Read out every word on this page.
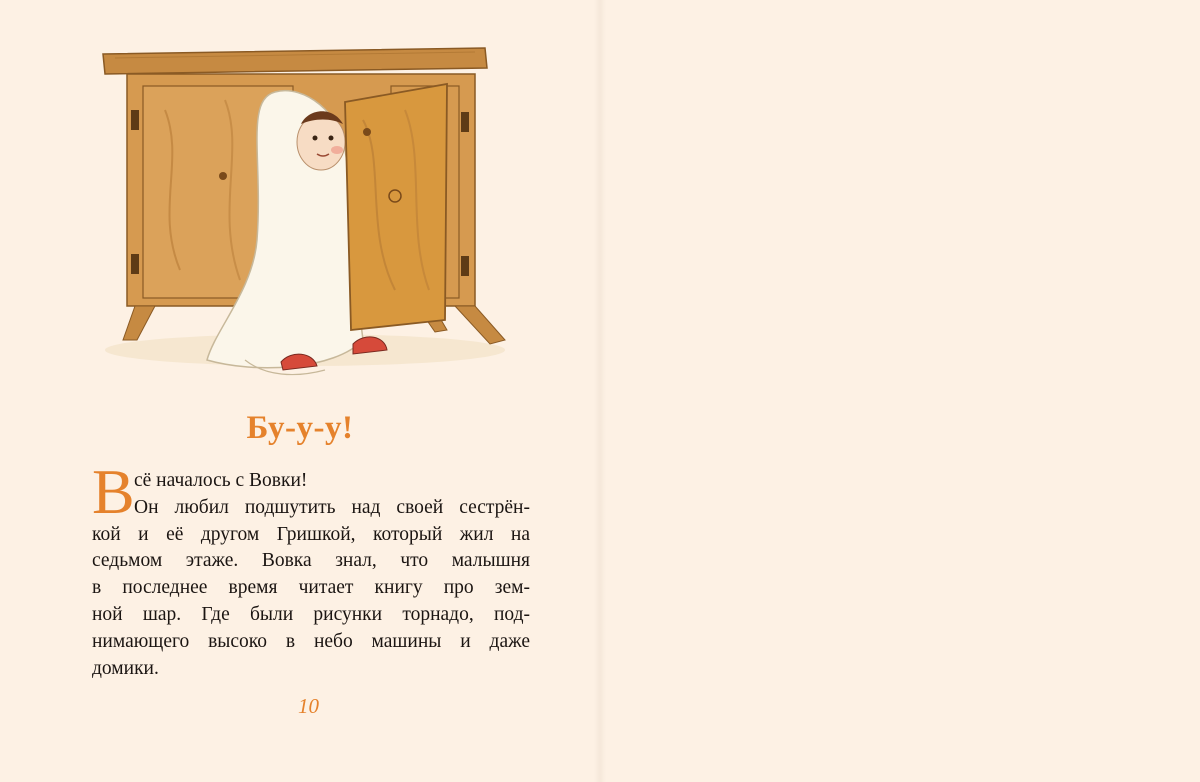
Бу-у-у!
В сё началось с Вовки!
Он любил подшутить над своей сестрён-
кой и её другом Гришкой, который жил на
седьмом этаже. Вовка знал, что малышня
в последнее время читает книгу про зем-
ной шар. Где были рисунки торнадо, под-
нимающего высоко в небо машины и даже
домики.
10
